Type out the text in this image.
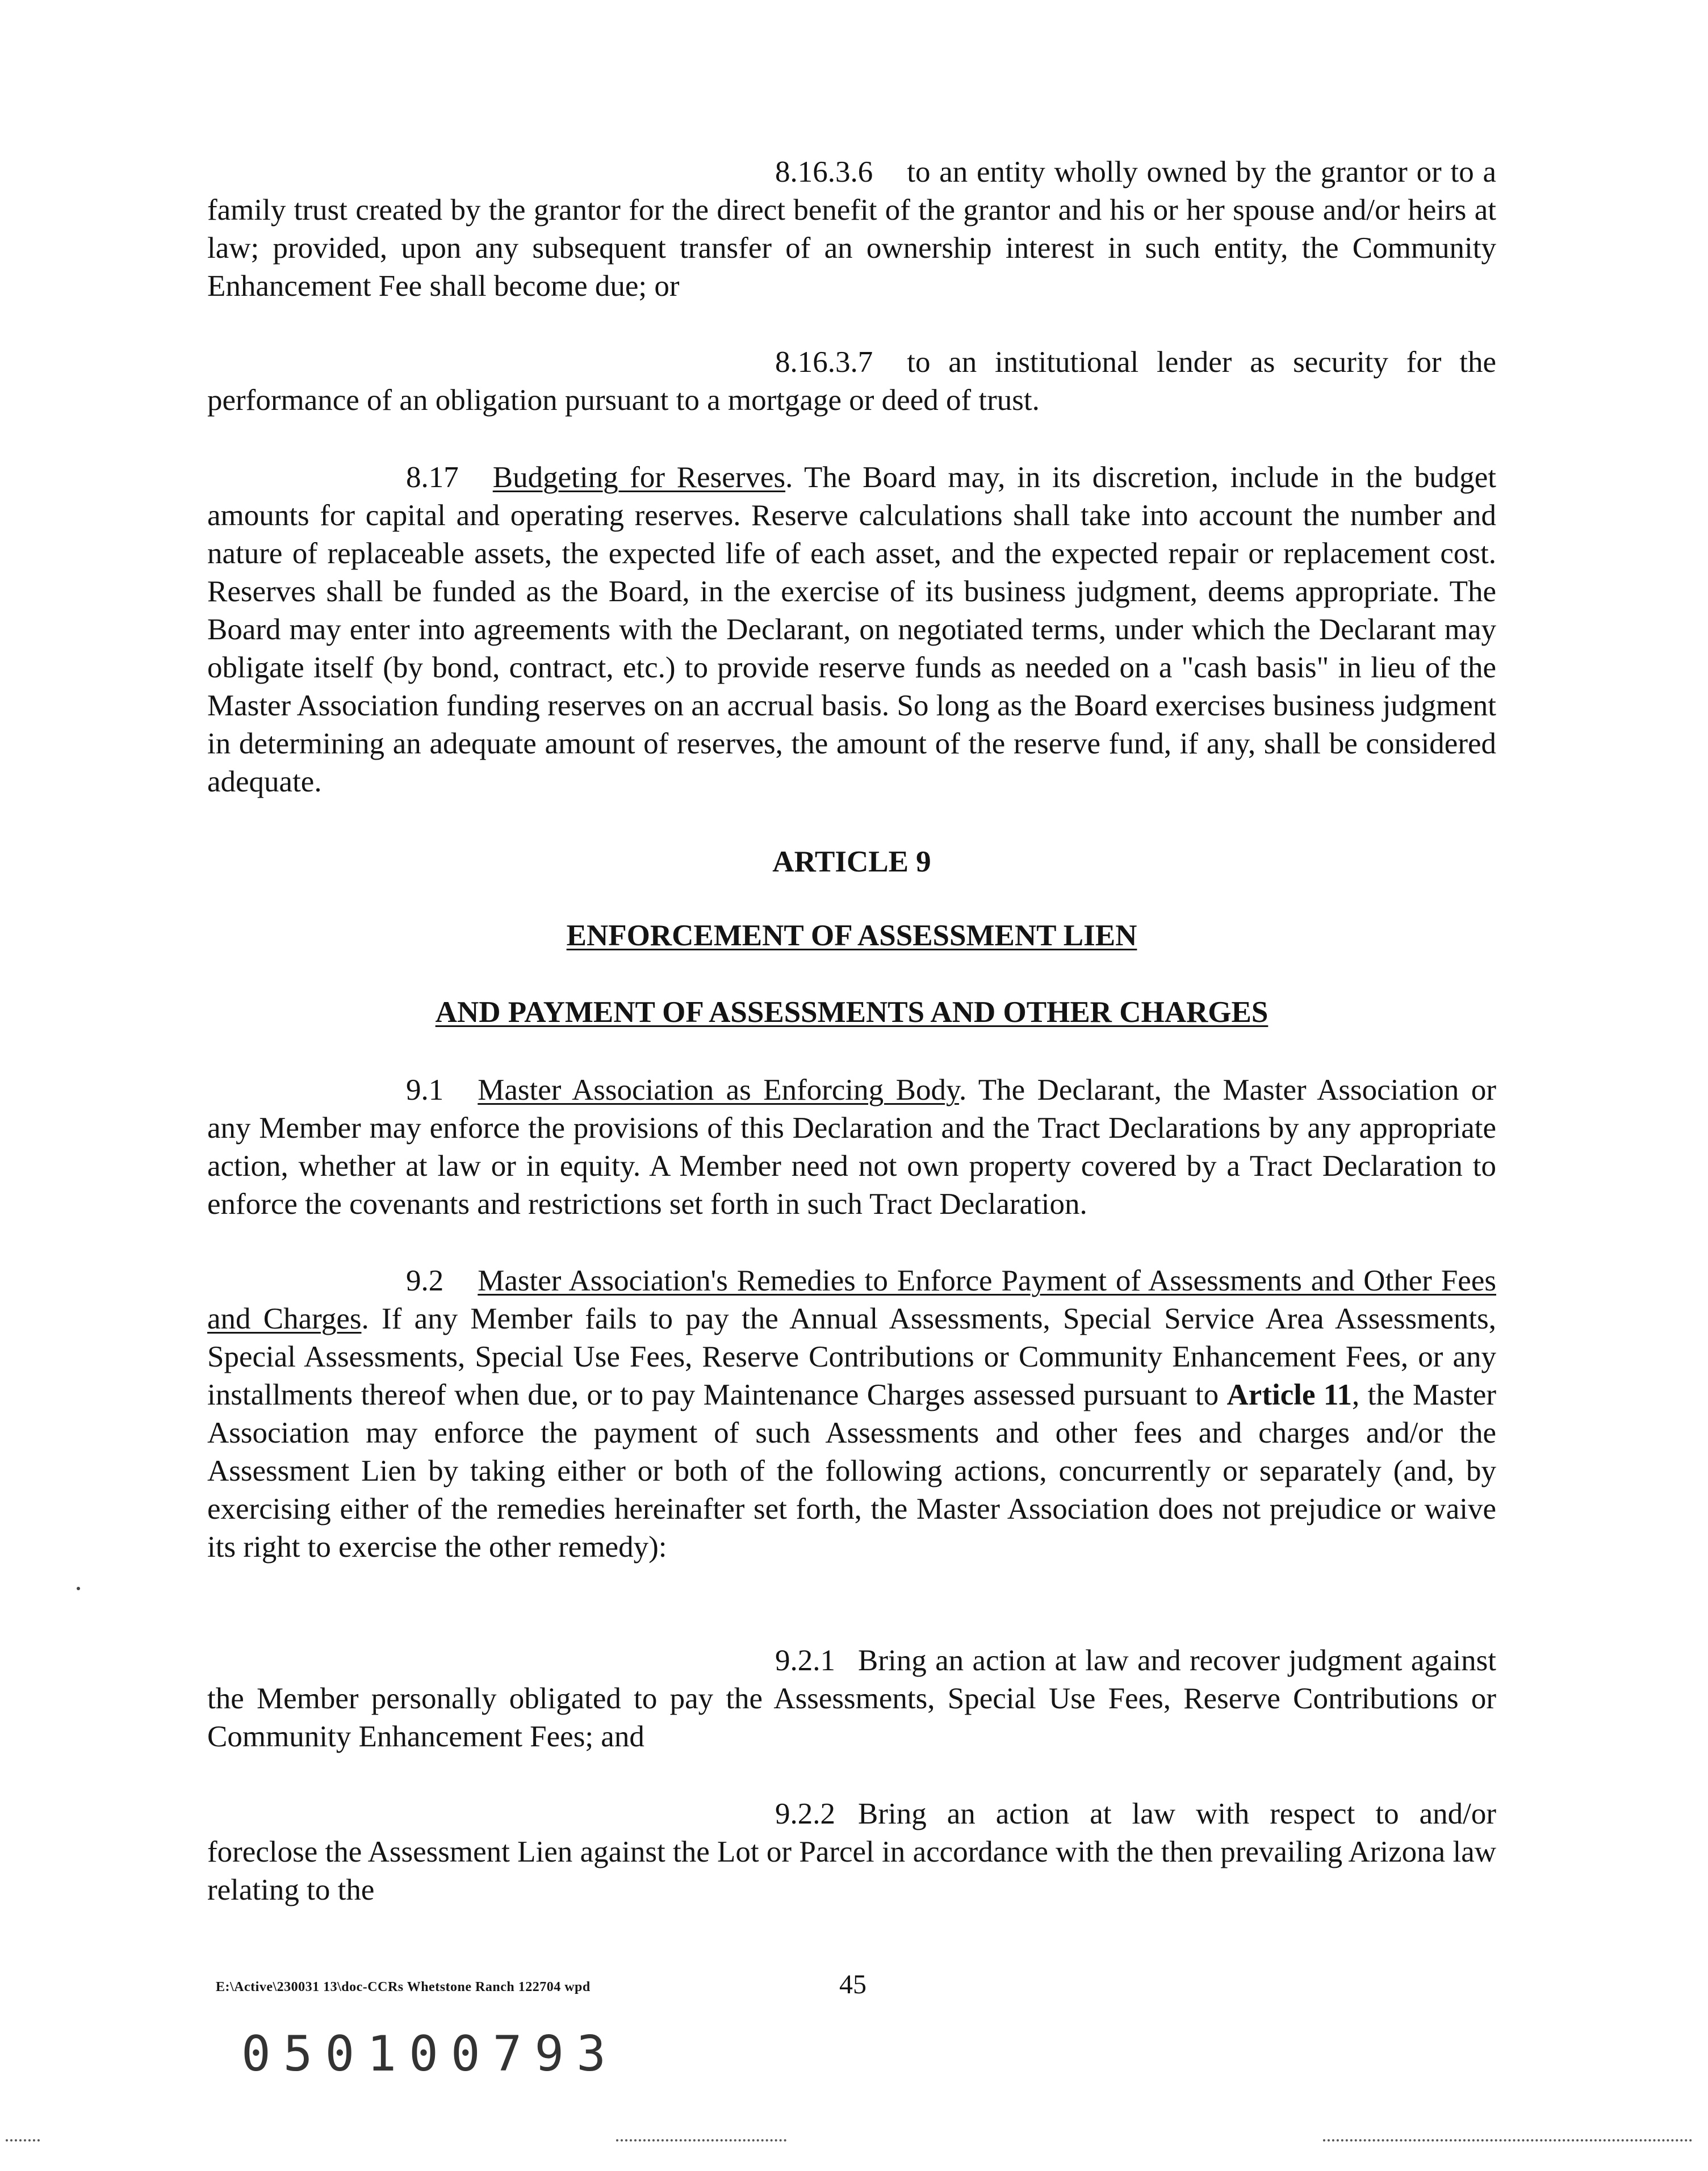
8.16.3.6 to an entity wholly owned by the grantor or to a family trust created by the grantor for the direct benefit of the grantor and his or her spouse and/or heirs at law; provided, upon any subsequent transfer of an ownership interest in such entity, the Community Enhancement Fee shall become due; or

8.16.3.7 to an institutional lender as security for the performance of an obligation pursuant to a mortgage or deed of trust.

8.17 Budgeting for Reserves. The Board may, in its discretion, include in the budget amounts for capital and operating reserves. Reserve calculations shall take into account the number and nature of replaceable assets, the expected life of each asset, and the expected repair or replacement cost. Reserves shall be funded as the Board, in the exercise of its business judgment, deems appropriate. The Board may enter into agreements with the Declarant, on negotiated terms, under which the Declarant may obligate itself (by bond, contract, etc.) to provide reserve funds as needed on a "cash basis" in lieu of the Master Association funding reserves on an accrual basis. So long as the Board exercises business judgment in determining an adequate amount of reserves, the amount of the reserve fund, if any, shall be considered adequate.

ARTICLE 9
ENFORCEMENT OF ASSESSMENT LIEN
AND PAYMENT OF ASSESSMENTS AND OTHER CHARGES

9.1 Master Association as Enforcing Body. The Declarant, the Master Association or any Member may enforce the provisions of this Declaration and the Tract Declarations by any appropriate action, whether at law or in equity. A Member need not own property covered by a Tract Declaration to enforce the covenants and restrictions set forth in such Tract Declaration.

9.2 Master Association's Remedies to Enforce Payment of Assessments and Other Fees and Charges. If any Member fails to pay the Annual Assessments, Special Service Area Assessments, Special Assessments, Special Use Fees, Reserve Contributions or Community Enhancement Fees, or any installments thereof when due, or to pay Maintenance Charges assessed pursuant to Article 11, the Master Association may enforce the payment of such Assessments and other fees and charges and/or the Assessment Lien by taking either or both of the following actions, concurrently or separately (and, by exercising either of the remedies hereinafter set forth, the Master Association does not prejudice or waive its right to exercise the other remedy):

9.2.1 Bring an action at law and recover judgment against the Member personally obligated to pay the Assessments, Special Use Fees, Reserve Contributions or Community Enhancement Fees; and

9.2.2 Bring an action at law with respect to and/or foreclose the Assessment Lien against the Lot or Parcel in accordance with the then prevailing Arizona law relating to the

E:\Active\230031 13\doc-CCRs Whetstone Ranch 122704 wpd	45
050100793
